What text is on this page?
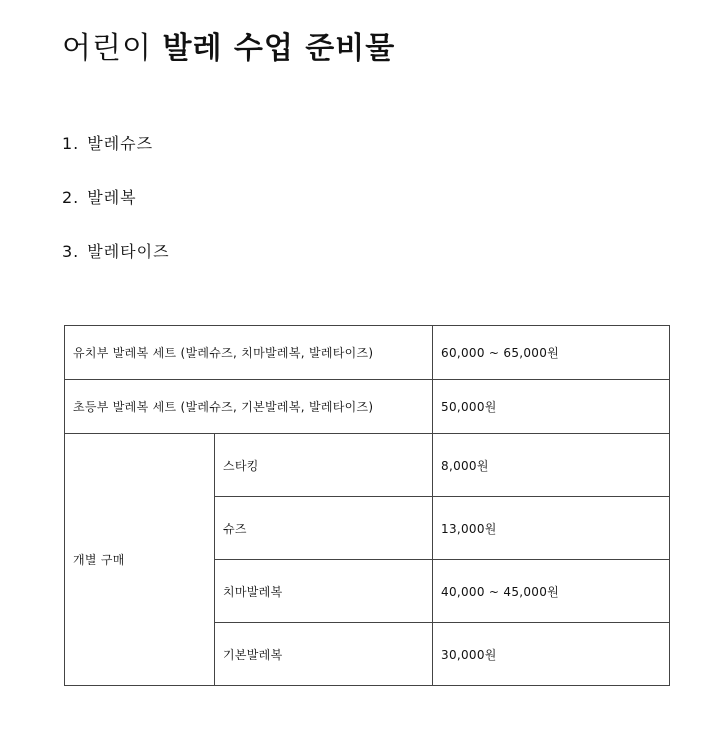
어린이 발레 수업 준비물
1. 발레슈즈
2. 발레복
3. 발레타이즈
유치부 발레복 세트 (발레슈즈, 치마발레복, 발레타이즈)		60,000 ~ 65,000원
초등부 발레복 세트 (발레슈즈, 기본발레복, 발레타이즈)		50,000원
개별 구매	스타킹	8,000원
	슈즈	13,000원
	치마발레복	40,000 ~ 45,000원
	기본발레복	30,000원
